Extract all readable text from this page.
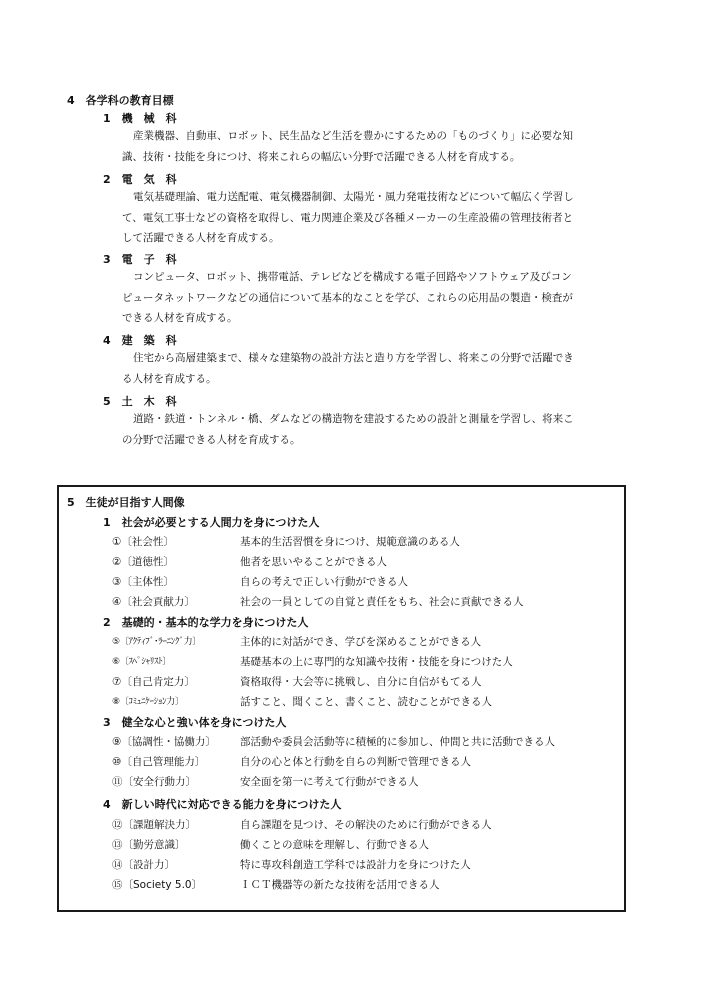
4　各学科の教育目標
1　機　械　科
産業機器、自動車、ロボット、民生品など生活を豊かにするための「ものづくり」に必要な知
識、技術・技能を身につけ、将来これらの幅広い分野で活躍できる人材を育成する。
2　電　気　科
電気基礎理論、電力送配電、電気機器制御、太陽光・風力発電技術などについて幅広く学習し
て、電気工事士などの資格を取得し、電力関連企業及び各種メーカーの生産設備の管理技術者と
して活躍できる人材を育成する。
3　電　子　科
コンピュータ、ロボット、携帯電話、テレビなどを構成する電子回路やソフトウェア及びコン
ピュータネットワークなどの通信について基本的なことを学び、これらの応用品の製造・検査が
できる人材を育成する。
4　建　築　科
住宅から高層建築まで、様々な建築物の設計方法と造り方を学習し、将来この分野で活躍でき
る人材を育成する。
5　土　木　科
道路・鉄道・トンネル・橋、ダムなどの構造物を建設するための設計と測量を学習し、将来こ
の分野で活躍できる人材を育成する。
5　生徒が目指す人間像
1　社会が必要とする人間力を身につけた人
①〔社会性〕	基本的生活習慣を身につけ、規範意識のある人
②〔道徳性〕	他者を思いやることができる人
③〔主体性〕	自らの考えで正しい行動ができる人
④〔社会貢献力〕	社会の一員としての自覚と責任をもち、社会に貢献できる人
2　基礎的・基本的な学力を身につけた人
⑤〔ｱｸﾃｨﾌﾞ･ﾗｰﾆﾝｸﾞ力〕	主体的に対話ができ、学びを深めることができる人
⑥〔ｽﾍﾟｼｬﾘｽﾄ〕	基礎基本の上に専門的な知識や技術・技能を身につけた人
⑦〔自己肯定力〕	資格取得・大会等に挑戦し、自分に自信がもてる人
⑧〔ｺﾐｭﾆｹｰｼｮﾝ力〕	話すこと、聞くこと、書くこと、読むことができる人
3　健全な心と強い体を身につけた人
⑨〔協調性・協働力〕	部活動や委員会活動等に積極的に参加し、仲間と共に活動できる人
⑩〔自己管理能力〕	自分の心と体と行動を自らの判断で管理できる人
⑪〔安全行動力〕	安全面を第一に考えて行動ができる人
4　新しい時代に対応できる能力を身につけた人
⑫〔課題解決力〕	自ら課題を見つけ、その解決のために行動ができる人
⑬〔勤労意識〕	働くことの意味を理解し、行動できる人
⑭〔設計力〕	特に専攻科創造工学科では設計力を身につけた人
⑮〔Society 5.0〕	ＩＣＴ機器等の新たな技術を活用できる人
